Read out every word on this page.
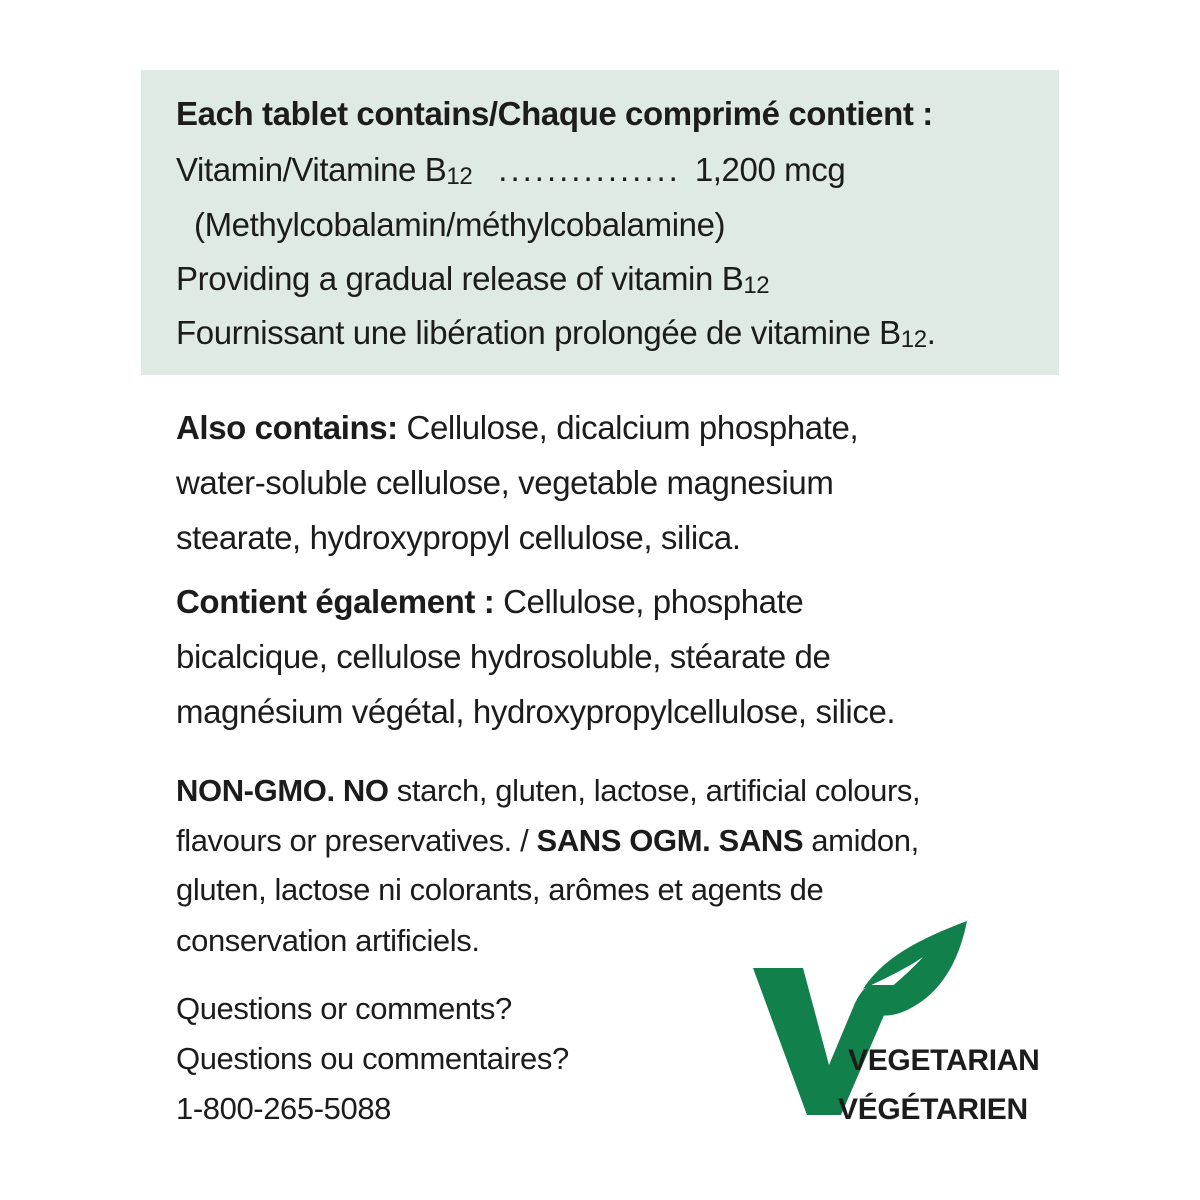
Each tablet contains/Chaque comprimé contient :
Vitamin/Vitamine B12 ............... 1,200 mcg
(Methylcobalamin/méthylcobalamine)
Providing a gradual release of vitamin B12
Fournissant une libération prolongée de vitamine B12.
Also contains: Cellulose, dicalcium phosphate,
water-soluble cellulose, vegetable magnesium
stearate, hydroxypropyl cellulose, silica.
Contient également : Cellulose, phosphate
bicalcique, cellulose hydrosoluble, stéarate de
magnésium végétal, hydroxypropylcellulose, silice.
NON-GMO. NO starch, gluten, lactose, artificial colours,
flavours or preservatives. / SANS OGM. SANS amidon,
gluten, lactose ni colorants, arômes et agents de
conservation artificiels.
Questions or comments?
Questions ou commentaires?
1-800-265-5088
VEGETARIAN
VÉGÉTARIEN
